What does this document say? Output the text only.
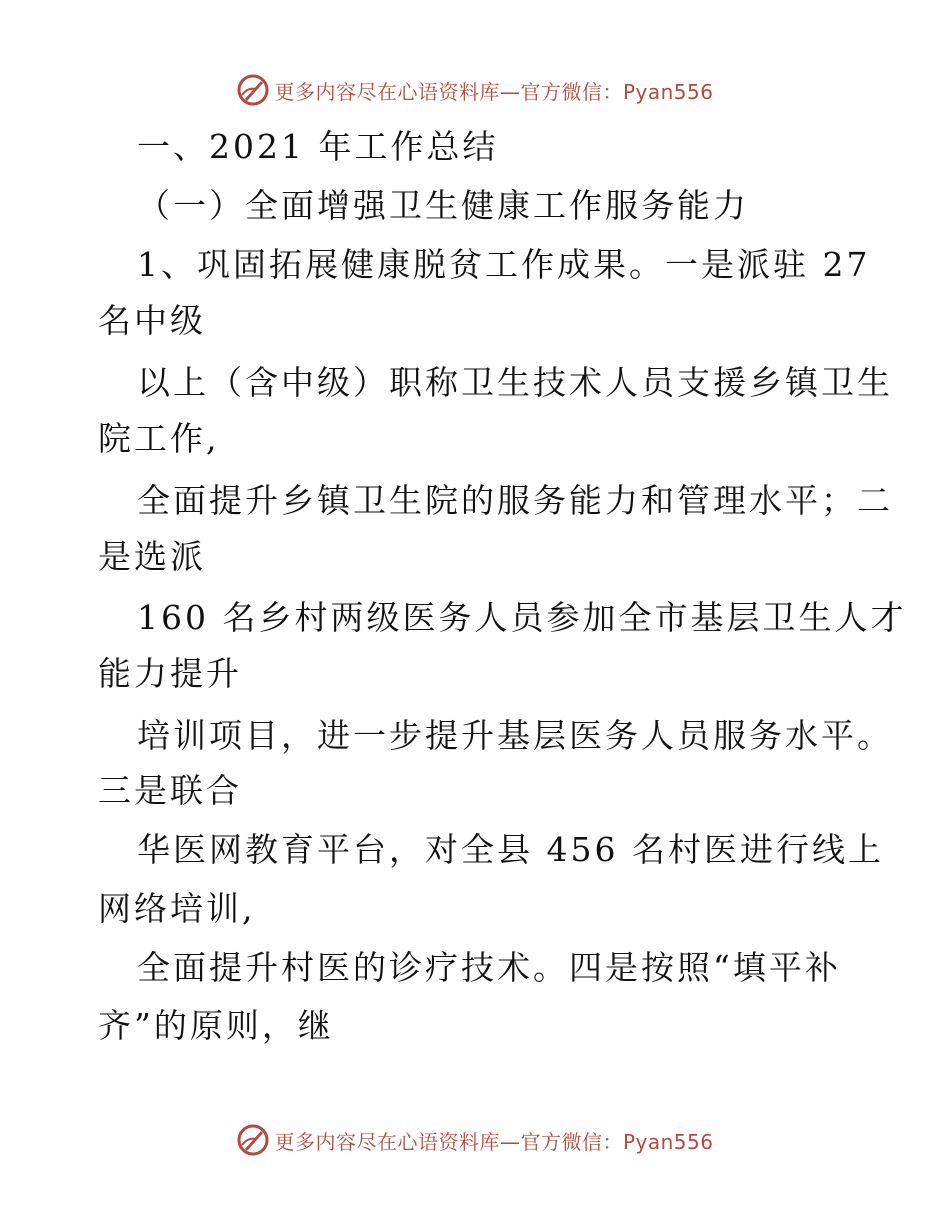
更多内容尽在心语资料库—官方微信：Pyan556
一、2021 年工作总结
（一）全面增强卫生健康工作服务能力
1、巩固拓展健康脱贫工作成果。一是派驻 27
名中级
以上（含中级）职称卫生技术人员支援乡镇卫生
院工作,
全面提升乡镇卫生院的服务能力和管理水平；二
是选派
160 名乡村两级医务人员参加全市基层卫生人才
能力提升
培训项目，进一步提升基层医务人员服务水平。
三是联合
华医网教育平台，对全县 456 名村医进行线上
网络培训,
全面提升村医的诊疗技术。四是按照“填平补
齐”的原则，继
更多内容尽在心语资料库—官方微信：Pyan556
